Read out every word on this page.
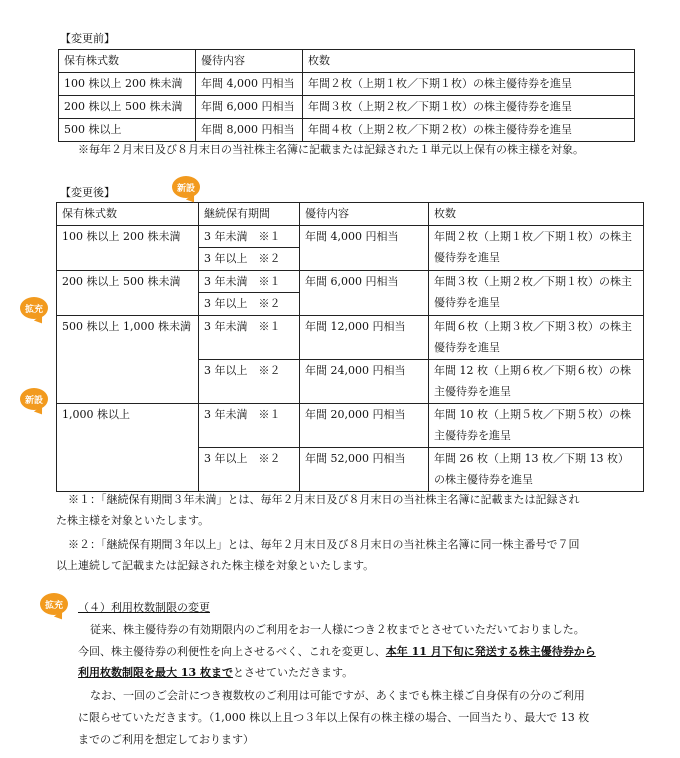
【変更前】
保有株式数	優待内容	枚数
100 株以上 200 株未満	年間 4,000 円相当	年間２枚（上期１枚／下期１枚）の株主優待券を進呈
200 株以上 500 株未満	年間 6,000 円相当	年間３枚（上期２枚／下期１枚）の株主優待券を進呈
500 株以上	年間 8,000 円相当	年間４枚（上期２枚／下期２枚）の株主優待券を進呈
※毎年２月末日及び８月末日の当社株主名簿に記載または記録された１単元以上保有の株主様を対象。
【変更後】
保有株式数	継続保有期間	優待内容	枚数
100 株以上 200 株未満	3 年未満　※１	年間 4,000 円相当	年間２枚（上期１枚／下期１枚）の株主優待券を進呈
	3 年以上　※２		
200 株以上 500 株未満	3 年未満　※１	年間 6,000 円相当	年間３枚（上期２枚／下期１枚）の株主優待券を進呈
	3 年以上　※２		
500 株以上 1,000 株未満	3 年未満　※１	年間 12,000 円相当	年間６枚（上期３枚／下期３枚）の株主優待券を進呈
	3 年以上　※２	年間 24,000 円相当	年間 12 枚（上期６枚／下期６枚）の株主優待券を進呈
1,000 株以上	3 年未満　※１	年間 20,000 円相当	年間 10 枚（上期５枚／下期５枚）の株主優待券を進呈
	3 年以上　※２	年間 52,000 円相当	年間 26 枚（上期 13 枚／下期 13 枚）の株主優待券を進呈
新設
拡充
新設
拡充
※１：「継続保有期間３年未満」とは、毎年２月末日及び８月末日の当社株主名簿に記載または記録され
た株主様を対象といたします。
※２：「継続保有期間３年以上」とは、毎年２月末日及び８月末日の当社株主名簿に同一株主番号で７回
以上連続して記載または記録された株主様を対象といたします。
（４）利用枚数制限の変更
従来、株主優待券の有効期限内のご利用をお一人様につき２枚までとさせていただいておりました。
今回、株主優待券の利便性を向上させるべく、これを変更し、本年 11 月下旬に発送する株主優待券から
利用枚数制限を最大 13 枚までとさせていただきます。
なお、一回のご会計につき複数枚のご利用は可能ですが、あくまでも株主様ご自身保有の分のご利用
に限らせていただきます。（1,000 株以上且つ３年以上保有の株主様の場合、一回当たり、最大で 13 枚
までのご利用を想定しております）
